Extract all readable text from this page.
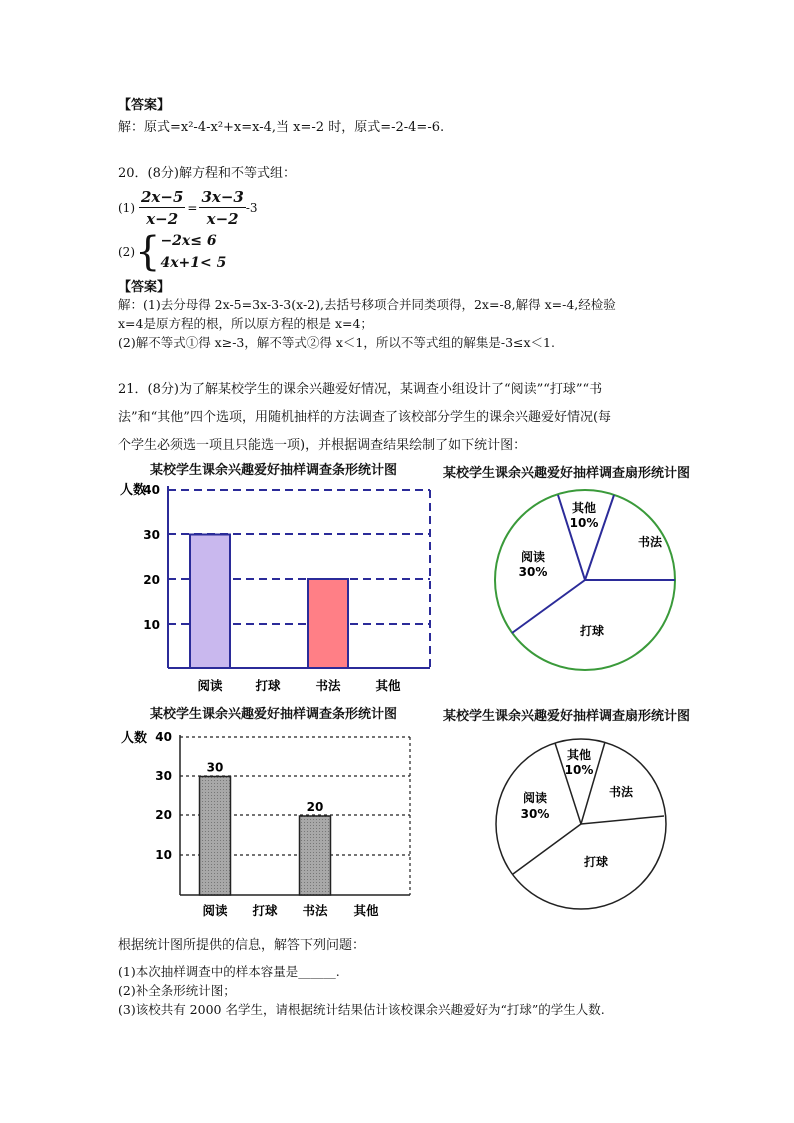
【答案】
解：原式=x²-4-x²+x=x-4,当 x=-2 时，原式=-2-4=-6.
20．(8分)解方程和不等式组：
$(1) \frac{2x-5}{x-2} = \frac{3x-3}{x-2} -3$
(2) { −2x≤ 6
4x+1< 5
【答案】
解：(1)去分母得 2x-5=3x-3-3(x-2),去括号移项合并同类项得，2x=-8,解得 x=-4,经检验
x=4是原方程的根，所以原方程的根是 x=4；
(2)解不等式①得 x≥-3，解不等式②得 x＜1，所以不等式组的解集是-3≤x＜1.
21．(8分)为了解某校学生的课余兴趣爱好情况，某调查小组设计了“阅读”“打球”“书
法”和“其他”四个选项，用随机抽样的方法调查了该校部分学生的课余兴趣爱好情况(每
个学生必须选一项且只能选一项)，并根据调查结果绘制了如下统计图：
某校学生课余兴趣爱好抽样调查条形统计图
人数
40
30
20
10
阅读	打球	书法	其他
某校学生课余兴趣爱好抽样调查扇形统计图
其他
10%
书法
打球
阅读
30%
某校学生课余兴趣爱好抽样调查条形统计图
人数 40
30
20
10
30
20
阅读 打球 书法 其他
某校学生课余兴趣爱好抽样调查扇形统计图
其他
10%
书法
打球
阅读
30%
根据统计图所提供的信息，解答下列问题：
(1)本次抽样调查中的样本容量是______.
(2)补全条形统计图；
(3)该校共有 2000 名学生，请根据统计结果估计该校课余兴趣爱好为“打球”的学生人数.
